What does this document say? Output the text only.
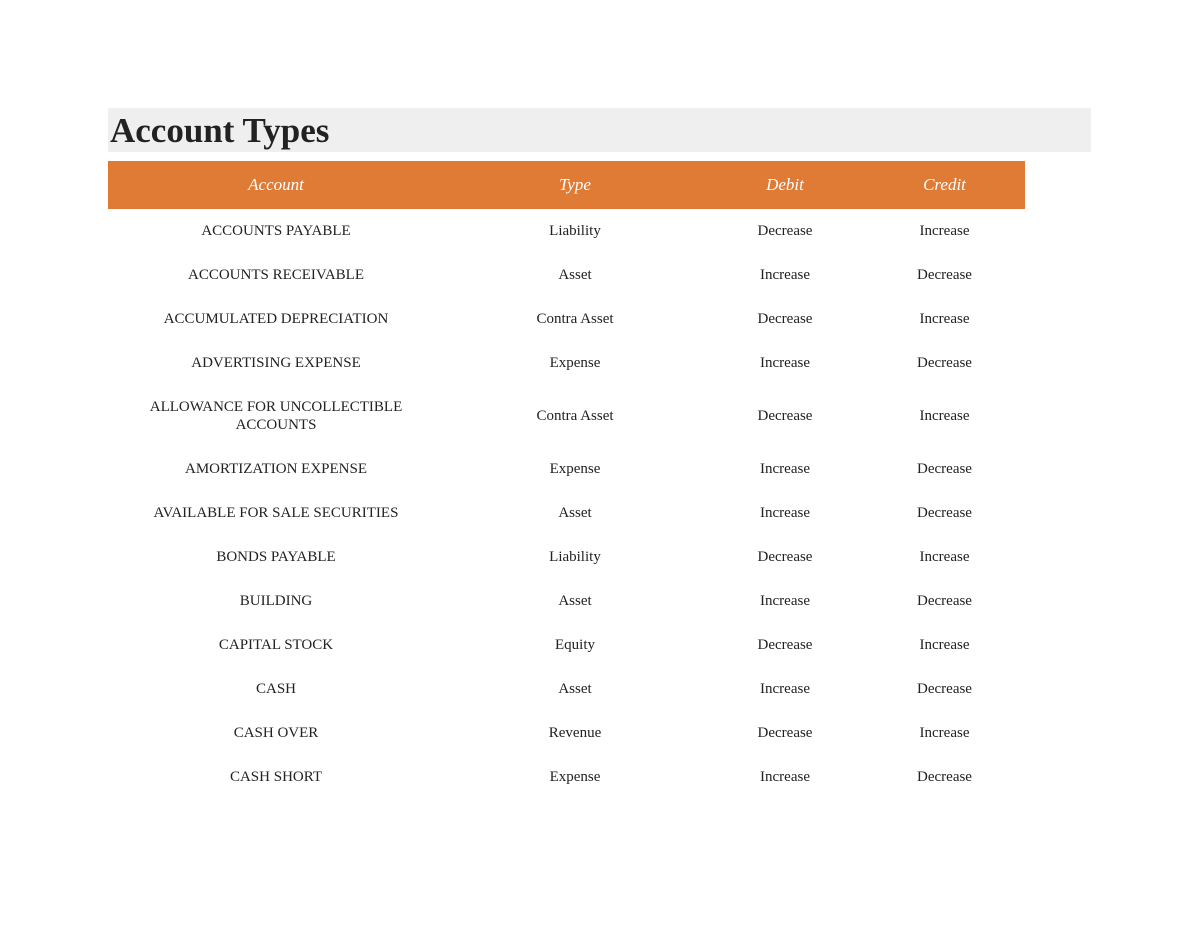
Account Types
Account	Type	Debit	Credit
ACCOUNTS PAYABLE	Liability	Decrease	Increase
ACCOUNTS RECEIVABLE	Asset	Increase	Decrease
ACCUMULATED DEPRECIATION	Contra Asset	Decrease	Increase
ADVERTISING EXPENSE	Expense	Increase	Decrease
ALLOWANCE FOR UNCOLLECTIBLE ACCOUNTS	Contra Asset	Decrease	Increase
AMORTIZATION EXPENSE	Expense	Increase	Decrease
AVAILABLE FOR SALE SECURITIES	Asset	Increase	Decrease
BONDS PAYABLE	Liability	Decrease	Increase
BUILDING	Asset	Increase	Decrease
CAPITAL STOCK	Equity	Decrease	Increase
CASH	Asset	Increase	Decrease
CASH OVER	Revenue	Decrease	Increase
CASH SHORT	Expense	Increase	Decrease
